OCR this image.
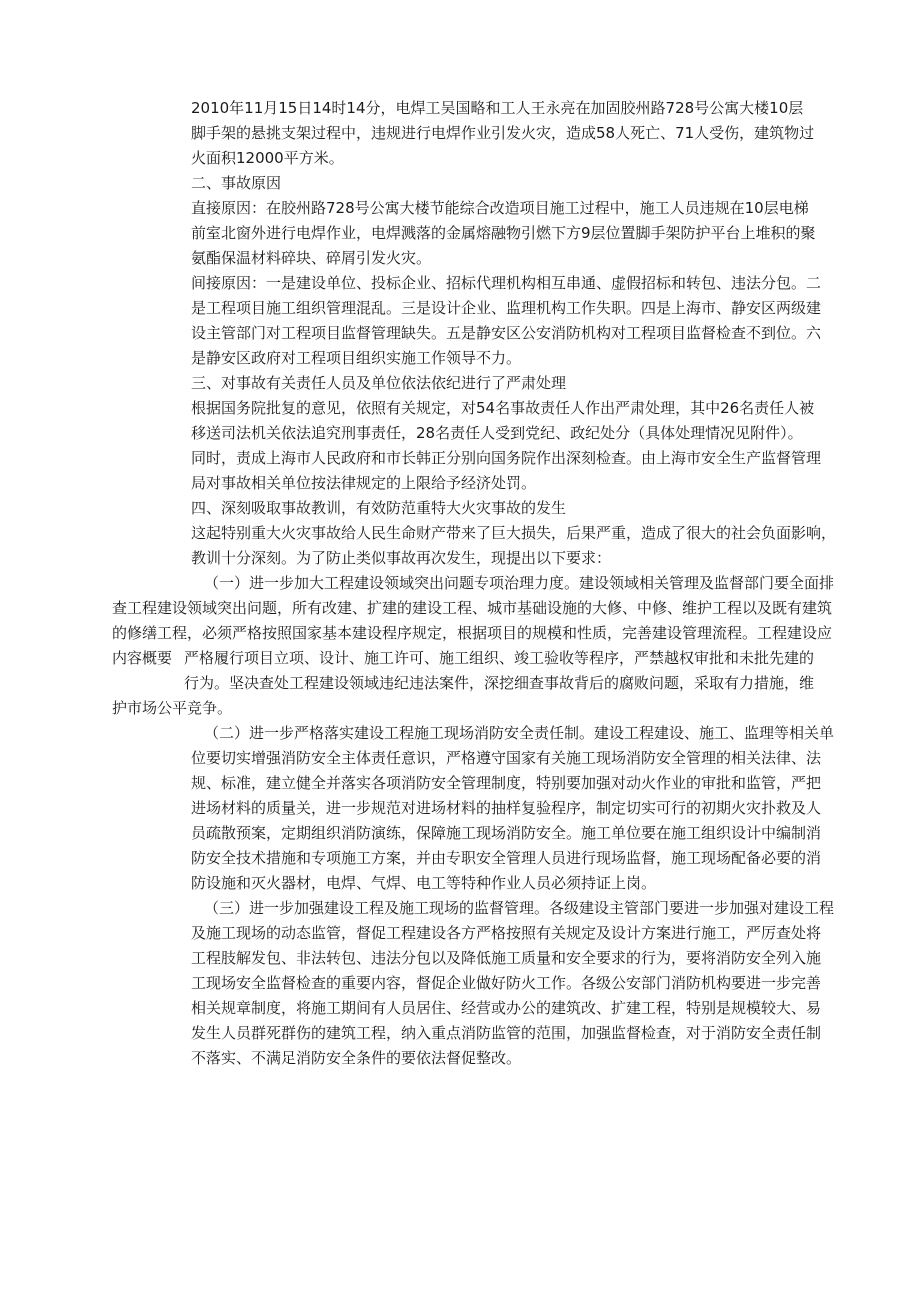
2010年11月15日14时14分，电焊工吴国略和工人王永亮在加固胶州路728号公寓大楼10层
脚手架的悬挑支架过程中，违规进行电焊作业引发火灾，造成58人死亡、71人受伤，建筑物过
火面积12000平方米。
二、事故原因
直接原因：在胶州路728号公寓大楼节能综合改造项目施工过程中，施工人员违规在10层电梯
前室北窗外进行电焊作业，电焊溅落的金属熔融物引燃下方9层位置脚手架防护平台上堆积的聚
氨酯保温材料碎块、碎屑引发火灾。
间接原因：一是建设单位、投标企业、招标代理机构相互串通、虚假招标和转包、违法分包。二
是工程项目施工组织管理混乱。三是设计企业、监理机构工作失职。四是上海市、静安区两级建
设主管部门对工程项目监督管理缺失。五是静安区公安消防机构对工程项目监督检查不到位。六
是静安区政府对工程项目组织实施工作领导不力。
三、对事故有关责任人员及单位依法依纪进行了严肃处理
根据国务院批复的意见，依照有关规定，对54名事故责任人作出严肃处理，其中26名责任人被
移送司法机关依法追究刑事责任，28名责任人受到党纪、政纪处分（具体处理情况见附件）。
同时，责成上海市人民政府和市长韩正分别向国务院作出深刻检查。由上海市安全生产监督管理
局对事故相关单位按法律规定的上限给予经济处罚。
四、深刻吸取事故教训，有效防范重特大火灾事故的发生
这起特别重大火灾事故给人民生命财产带来了巨大损失，后果严重，造成了很大的社会负面影响，
教训十分深刻。为了防止类似事故再次发生，现提出以下要求：
（一）进一步加大工程建设领域突出问题专项治理力度。建设领域相关管理及监督部门要全面排
查工程建设领域突出问题，所有改建、扩建的建设工程、城市基础设施的大修、中修、维护工程以及既有建筑
的修缮工程，必须严格按照国家基本建设程序规定，根据项目的规模和性质，完善建设管理流程。工程建设应
严格履行项目立项、设计、施工许可、施工组织、竣工验收等程序，严禁越权审批和未批先建的
行为。坚决查处工程建设领域违纪违法案件，深挖细查事故背后的腐败问题，采取有力措施，维
护市场公平竞争。
内容概要
（二）进一步严格落实建设工程施工现场消防安全责任制。建设工程建设、施工、监理等相关单
位要切实增强消防安全主体责任意识，严格遵守国家有关施工现场消防安全管理的相关法律、法
规、标准，建立健全并落实各项消防安全管理制度，特别要加强对动火作业的审批和监管，严把
进场材料的质量关，进一步规范对进场材料的抽样复验程序，制定切实可行的初期火灾扑救及人
员疏散预案，定期组织消防演练，保障施工现场消防安全。施工单位要在施工组织设计中编制消
防安全技术措施和专项施工方案，并由专职安全管理人员进行现场监督，施工现场配备必要的消
防设施和灭火器材，电焊、气焊、电工等特种作业人员必须持证上岗。
（三）进一步加强建设工程及施工现场的监督管理。各级建设主管部门要进一步加强对建设工程
及施工现场的动态监管，督促工程建设各方严格按照有关规定及设计方案进行施工，严厉查处将
工程肢解发包、非法转包、违法分包以及降低施工质量和安全要求的行为，要将消防安全列入施
工现场安全监督检查的重要内容，督促企业做好防火工作。各级公安部门消防机构要进一步完善
相关规章制度，将施工期间有人员居住、经营或办公的建筑改、扩建工程，特别是规模较大、易
发生人员群死群伤的建筑工程，纳入重点消防监管的范围，加强监督检查，对于消防安全责任制
不落实、不满足消防安全条件的要依法督促整改。
